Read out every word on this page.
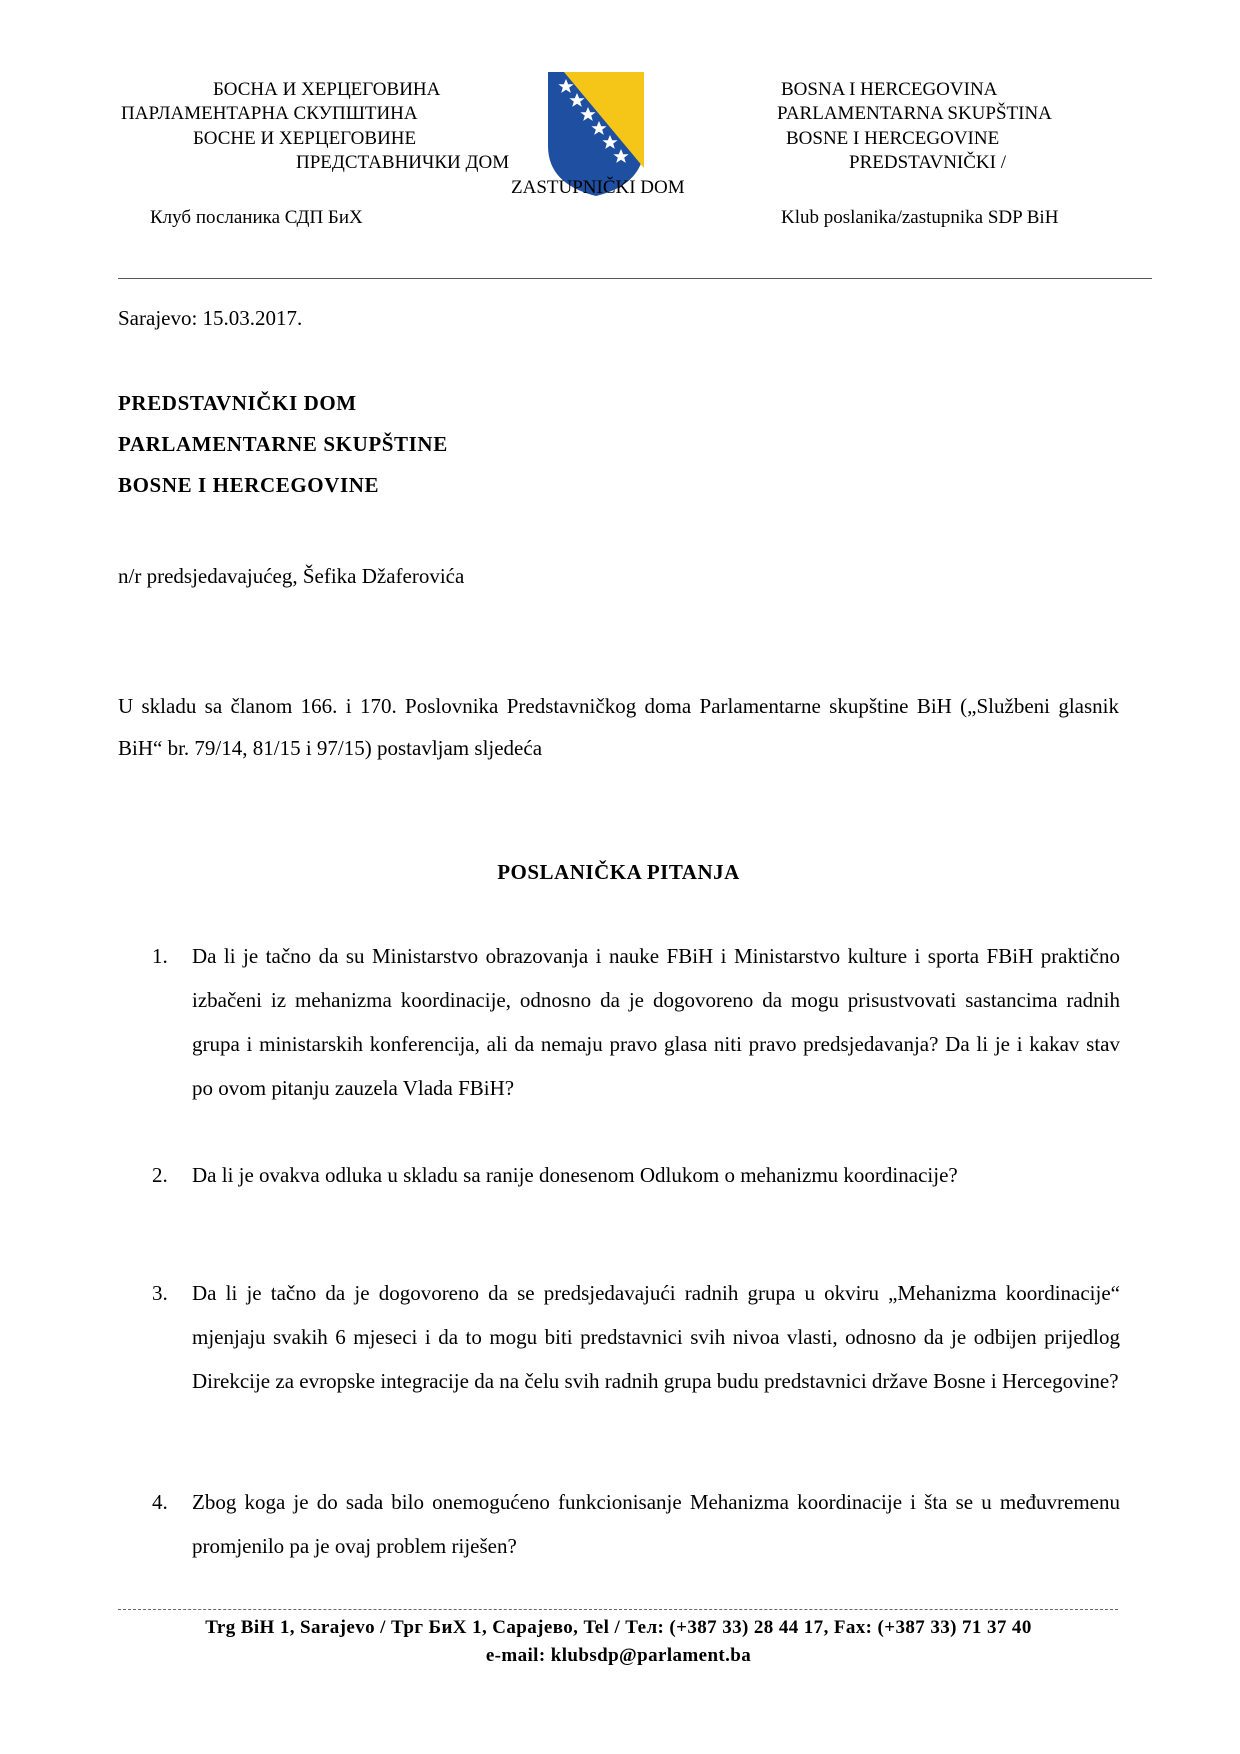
БОСНА И ХЕРЦЕГОВИНА
ПАРЛАМЕНТАРНА СКУПШТИНА
БОСНЕ И ХЕРЦЕГОВИНЕ
ПРЕДСТАВНИЧКИ ДОМ
BOSNA I HERCEGOVINA
PARLAMENTARNA SKUPŠTINA
BOSNE I HERCEGOVINE
PREDSTAVNIČKI /
ZASTUPNIČKI DOM
Клуб посланика СДП БиХ	Klub poslanika/zastupnika SDP BiH
Sarajevo: 15.03.2017.
PREDSTAVNIČKI DOM
PARLAMENTARNE SKUPŠTINE
BOSNE I HERCEGOVINE
n/r predsjedavajućeg, Šefika Džaferovića
U skladu sa članom 166. i 170. Poslovnika Predstavničkog doma Parlamentarne skupštine BiH („Službeni glasnik BiH“ br. 79/14, 81/15 i 97/15) postavljam sljedeća
POSLANIČKA PITANJA
1. Da li je tačno da su Ministarstvo obrazovanja i nauke FBiH i Ministarstvo kulture i sporta FBiH praktično izbačeni iz mehanizma koordinacije, odnosno da je dogovoreno da mogu prisustvovati sastancima radnih grupa i ministarskih konferencija, ali da nemaju pravo glasa niti pravo predsjedavanja? Da li je i kakav stav po ovom pitanju zauzela Vlada FBiH?
2. Da li je ovakva odluka u skladu sa ranije donesenom Odlukom o mehanizmu koordinacije?
3. Da li je tačno da je dogovoreno da se predsjedavajući radnih grupa u okviru „Mehanizma koordinacije“ mjenjaju svakih 6 mjeseci i da to mogu biti predstavnici svih nivoa vlasti, odnosno da je odbijen prijedlog Direkcije za evropske integracije da na čelu svih radnih grupa budu predstavnici države Bosne i Hercegovine?
4. Zbog koga je do sada bilo onemogućeno funkcionisanje Mehanizma koordinacije i šta se u međuvremenu promjenilo pa je ovaj problem riješen?
Trg BiH 1, Sarajevo / Трг БиХ 1, Сарајево, Tel / Тел: (+387 33) 28 44 17, Fax: (+387 33) 71 37 40
e-mail: klubsdp@parlament.ba
